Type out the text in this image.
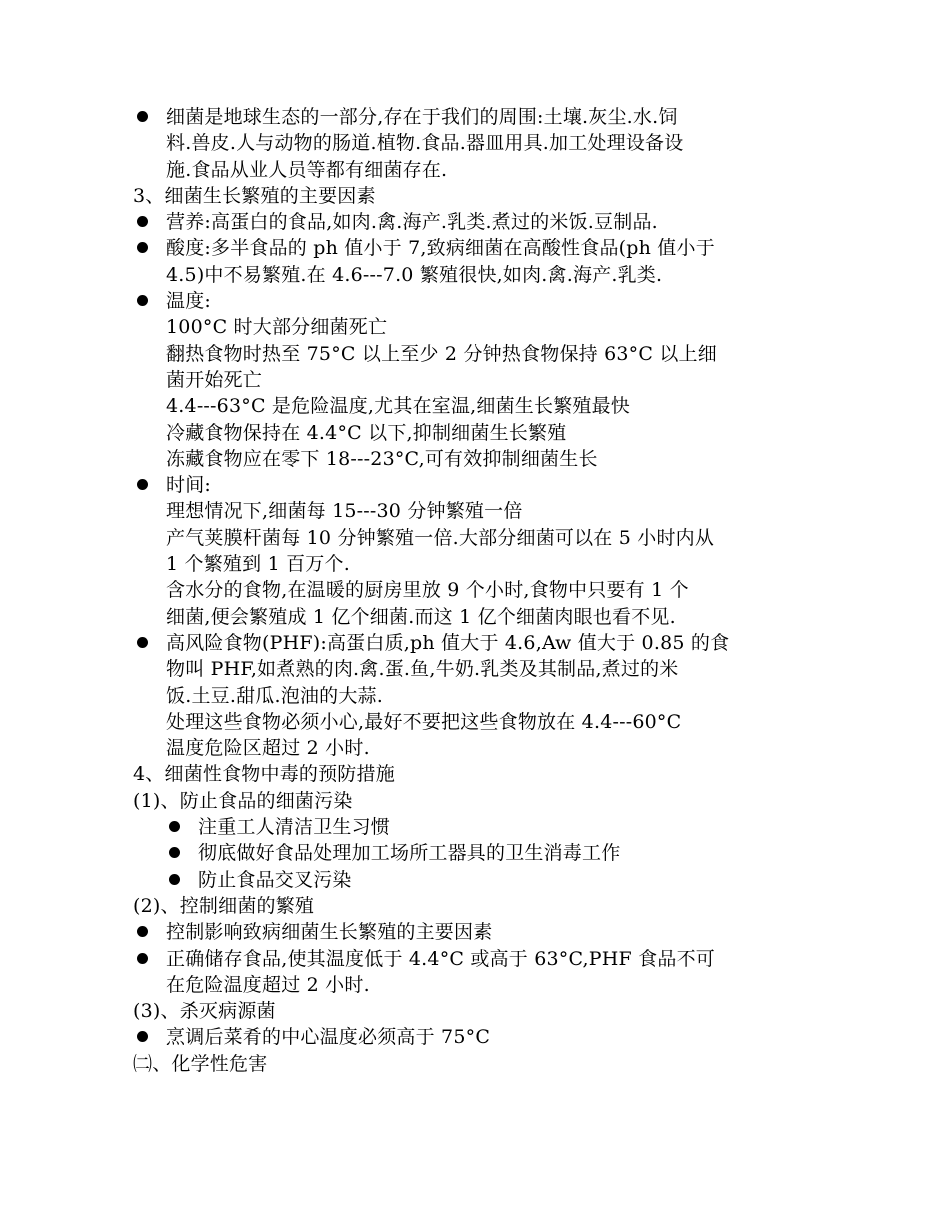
细菌是地球生态的一部分,存在于我们的周围:土壤.灰尘.水.饲
料.兽皮.人与动物的肠道.植物.食品.器皿用具.加工处理设备设
施.食品从业人员等都有细菌存在.
3、细菌生长繁殖的主要因素
营养:高蛋白的食品,如肉.禽.海产.乳类.煮过的米饭.豆制品.
酸度:多半食品的 ph 值小于 7,致病细菌在高酸性食品(ph 值小于
4.5)中不易繁殖.在 4.6---7.0 繁殖很快,如肉.禽.海产.乳类.
温度:
100°C 时大部分细菌死亡
翻热食物时热至 75°C 以上至少 2 分钟热食物保持 63°C 以上细
菌开始死亡
4.4---63°C 是危险温度,尤其在室温,细菌生长繁殖最快
冷藏食物保持在 4.4°C 以下,抑制细菌生长繁殖
冻藏食物应在零下 18---23°C,可有效抑制细菌生长
时间:
理想情况下,细菌每 15---30 分钟繁殖一倍
产气荚膜杆菌每 10 分钟繁殖一倍.大部分细菌可以在 5 小时内从
1 个繁殖到 1 百万个.
含水分的食物,在温暖的厨房里放 9 个小时,食物中只要有 1 个
细菌,便会繁殖成 1 亿个细菌.而这 1 亿个细菌肉眼也看不见.
高风险食物(PHF):高蛋白质,ph 值大于 4.6,Aw 值大于 0.85 的食
物叫 PHF,如煮熟的肉.禽.蛋.鱼,牛奶.乳类及其制品,煮过的米
饭.土豆.甜瓜.泡油的大蒜.
处理这些食物必须小心,最好不要把这些食物放在 4.4---60°C
温度危险区超过 2 小时.
4、细菌性食物中毒的预防措施
(1)、防止食品的细菌污染
注重工人清洁卫生习惯
彻底做好食品处理加工场所工器具的卫生消毒工作
防止食品交叉污染
(2)、控制细菌的繁殖
控制影响致病细菌生长繁殖的主要因素
正确储存食品,使其温度低于 4.4°C 或高于 63°C,PHF 食品不可
在危险温度超过 2 小时.
(3)、杀灭病源菌
烹调后菜肴的中心温度必须高于 75°C
㈡、化学性危害
